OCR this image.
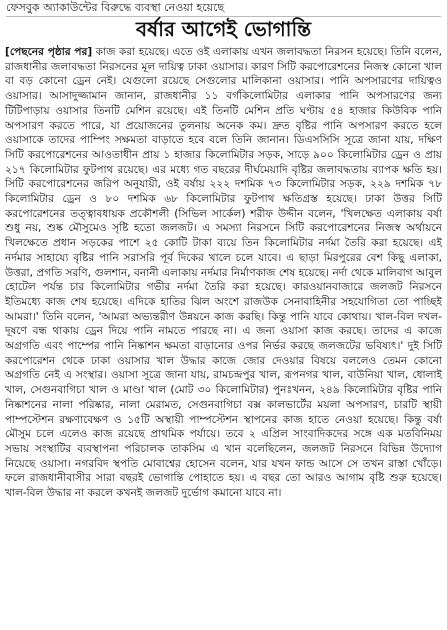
ফেসবুক অ্যাকাউন্টের বিরুদ্ধে ব্যবস্থা নেওয়া হয়েছে
বর্ষার আগেই ভোগান্তি
[পেছনের পৃষ্ঠার পর] কাজ করা হয়েছে। এতে ওই এলাকায় এখন জলাবদ্ধতা নিরসন হয়েছে। তিনি বলেন, রাজধানীর জলাবদ্ধতা নিরসনের মূল দায়িত্ব ঢাকা ওয়াসার। কারণ সিটি করপোরেশনের নিজস্ব কোনো খাল বা বড় কোনো ড্রেন নেই। যেগুলো রয়েছে সেগুলোর মালিকানা ওয়াসার। পানি অপসারণের দায়িত্বও ওয়াসার। আসাদুজ্জামান জানান, রাজধানীর ১১ বর্গকিলোমিটার এলাকার পানি অপসারণের জন্য টিটিপাড়ায় ওয়াসার তিনটি মেশিন রয়েছে। এই তিনটি মেশিন প্রতি ঘণ্টায় ৫৪ হাজার কিউবিক পানি অপসারণ করতে পারে, যা প্রয়োজনের তুলনায় অনেক কম। দ্রুত বৃষ্টির পানি অপসারণ করতে হলে ওয়াসাকে তাদের পাম্পিং সক্ষমতা বাড়াতে হবে বলে তিনি জানান। ডিএসসিসি সূত্রে জানা যায়, দক্ষিণ সিটি করপোরেশনের আওতাধীন প্রায় ১ হাজার কিলোমিটার সড়ক, সাড়ে ৯০০ কিলোমিটার ড্রেন ও প্রায় ২১৭ কিলোমিটার ফুটপাথ রয়েছে। এর মধ্যে গত বছরের দীর্ঘমেয়াদি বৃষ্টির জলাবদ্ধতায় ব্যাপক ক্ষতি হয়। সিটি করপোরেশনের জরিপ অনুযায়ী, ওই বর্ষায় ২২২ দশমিক ৭৩ কিলোমিটার সড়ক, ২২৯ দশমিক ৭৮ কিলোমিটার ড্রেন ও ৮০ দশমিক ৬৮ কিলোমিটার ফুটপাথ ক্ষতিগ্রস্ত হয়েছে। ঢাকা উত্তর সিটি করপোরেশনের তত্ত্বাবধায়ক প্রকৌশলী (সিভিল সার্কেল) শরীফ উদ্দীন বলেন, 'খিলক্ষেত এলাকায় বর্ষা শুধু নয়, শুষ্ক মৌসুমেও সৃষ্টি হতো জলজট। এ সমস্যা নিরসনে সিটি করপোরেশনের নিজস্ব অর্থায়নে খিলক্ষেতে প্রধান সড়কের পাশে ২৫ কোটি টাকা ব্যয়ে তিন কিলোমিটার নর্দমা তৈরি করা হয়েছে। এই নর্দমার সাহায্যে বৃষ্টির পানি সরাসরি পূর্ব দিকের খালে চলে যাবে। এ ছাড়া মিরপুরের বেশ কিছু এলাকা, উত্তরা, প্রগতি সরণি, গুলশান, বনানী এলাকায় নর্দমার নির্মাণকাজ শেষ হয়েছে। নর্দা থেকে মালিবাগ আবুল হোটেল পর্যন্ত চার কিলোমিটার গভীর নর্দমা তৈরি করা হয়েছে। কারওয়ানবাজারে জলজট নিরসনে ইতিমধ্যে কাজ শেষ হয়েছে। এদিকে হাতির ঝিল অংশে রাজউক সেনাবাহিনীর সহযোগিতা তো পাচ্ছিই আমরা।' তিনি বলেন, 'আমরা অভ্যন্তরীণ উন্নয়নে কাজ করছি। কিন্তু পানি যাবে কোথায়। খাল-বিল দখল-দূষণে বন্ধ থাকায় ড্রেন দিয়ে পানি নামতে পারছে না। এ জন্য ওয়াসা কাজ করছে। তাদের এ কাজে অগ্রগতি এবং পাম্পের পানি নিষ্কাশন ক্ষমতা বাড়ানোর ওপর নির্ভর করছে জলজটের ভবিষ্যৎ।' দুই সিটি করপোরেশন থেকে ঢাকা ওয়াসার খাল উদ্ধার কাজে জোর দেওয়ার বিষয়ে বললেও তেমন কোনো অগ্রগতি নেই এ সংস্থার। ওয়াসা সূত্রে জানা যায়, রামচন্দ্রপুর খাল, রূপনগর খাল, বাউনিয়া খাল, ধোলাই খাল, সেগুনবাগিচা খাল ও মাণ্ডা খাল (মোট ৩০ কিলোমিটার) পুনঃখনন, ২৪৯ কিলোমিটার বৃষ্টির পানি নিষ্কাশনের নালা পরিষ্কার, নালা মেরামত, সেগুনবাগিচা বক্স কালভার্টের ময়লা অপসারণ, চারটি স্থায়ী পাম্পস্টেশন রক্ষণাবেক্ষণ ও ১৫টি অস্থায়ী পাম্পস্টেশন স্থাপনের কাজ হাতে নেওয়া হয়েছে। কিন্তু বর্ষা মৌসুম চলে এলেও কাজ রয়েছে প্রাথমিক পর্যায়ে। তবে ২ এপ্রিল সাংবাদিকদের সঙ্গে এক মতবিনিময় সভায় সংস্থাটির ব্যবস্থাপনা পরিচালক তাকসিম এ খান বলেছিলেন, জলজট নিরসনে বিভিন্ন উদ্যোগ নিয়েছে ওয়াসা। নগরবিদ স্থপতি মোবাশ্বের হোসেন বলেন, যার যখন ফান্ড আসে সে তখন রাস্তা খোঁড়ে। ফলে রাজধানীবাসীর সারা বছরই ভোগান্তি পোহাতে হয়। এ বছর তো আরও আগাম বৃষ্টি শুরু হয়েছে। খাল-বিল উদ্ধার না করলে কখনই জলজট দুর্ভোগ কমানো যাবে না।
